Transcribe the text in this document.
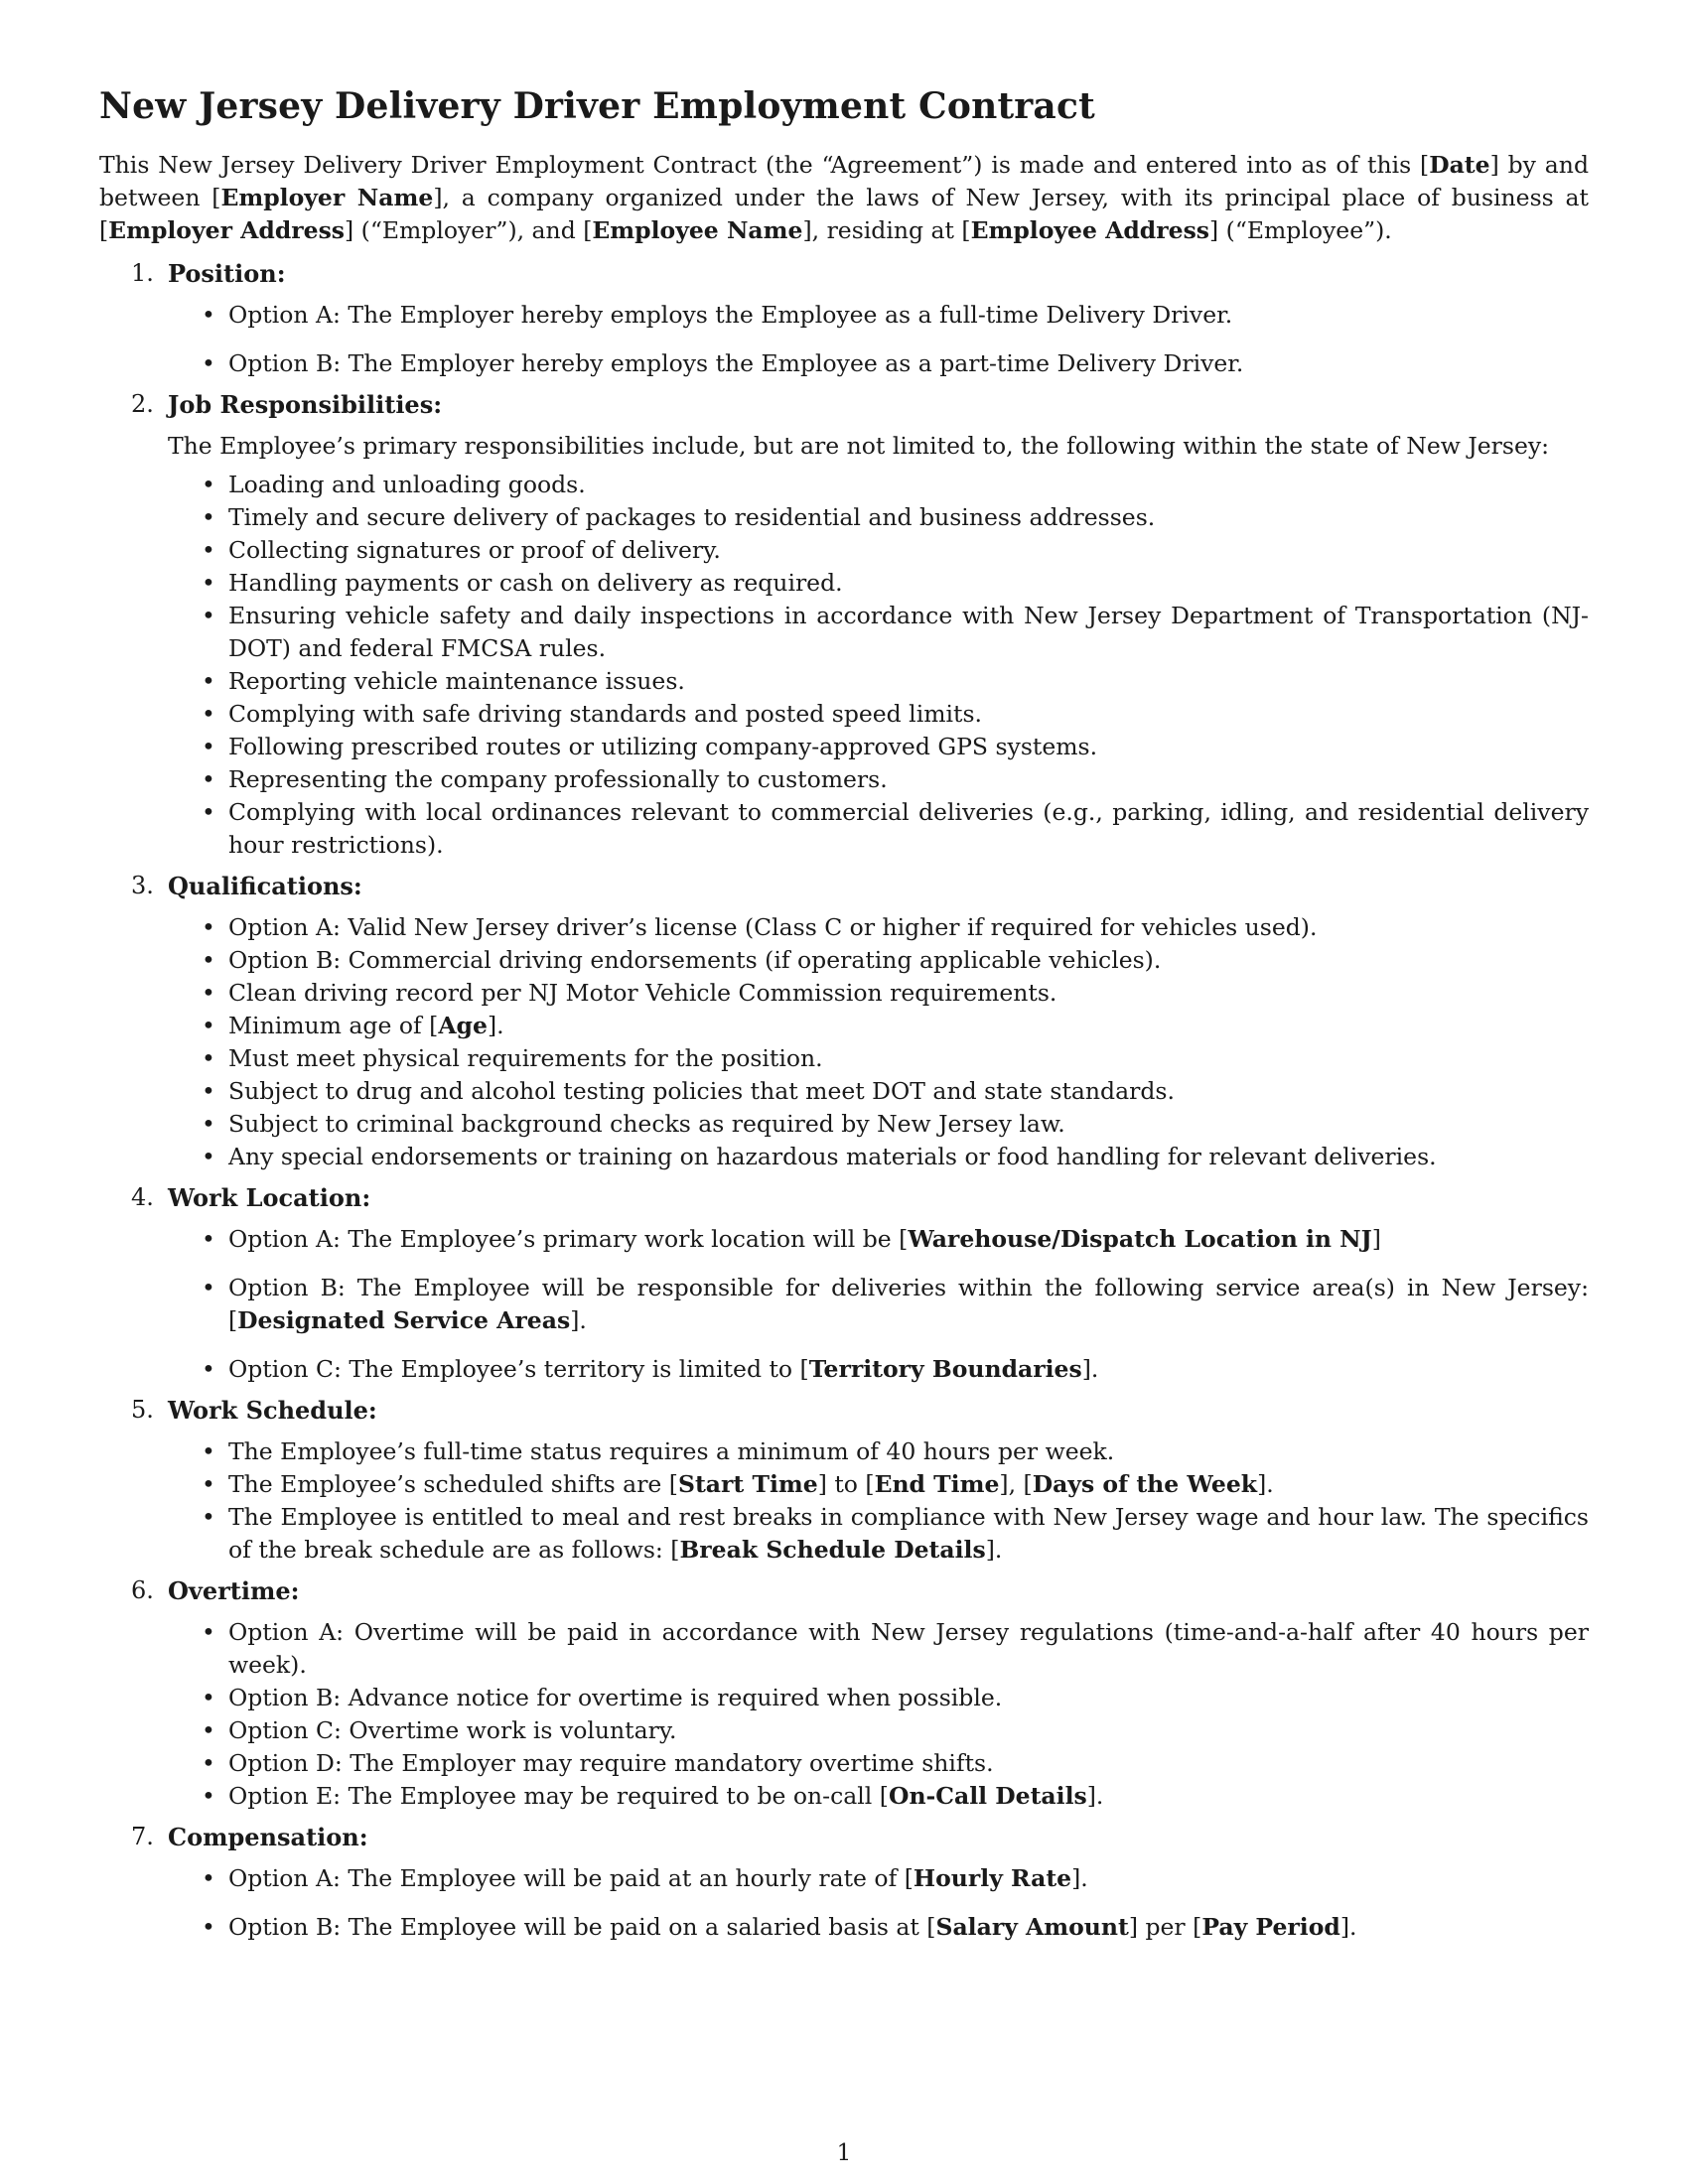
New Jersey Delivery Driver Employment Contract

This New Jersey Delivery Driver Employment Contract (the “Agreement”) is made and entered into as of this [Date] by and between [Employer Name], a company organized under the laws of New Jersey, with its principal place of business at [Employer Address] (“Employer”), and [Employee Name], residing at [Employee Address] (“Employee”).

1. Position:
• Option A: The Employer hereby employs the Employee as a full-time Delivery Driver.
• Option B: The Employer hereby employs the Employee as a part-time Delivery Driver.
2. Job Responsibilities:

The Employee’s primary responsibilities include, but are not limited to, the following within the state of New Jersey:

• Loading and unloading goods.
• Timely and secure delivery of packages to residential and business addresses.
• Collecting signatures or proof of delivery.
• Handling payments or cash on delivery as required.
• Ensuring vehicle safety and daily inspections in accordance with New Jersey Department of Transportation (NJ-DOT) and federal FMCSA rules.
• Reporting vehicle maintenance issues.
• Complying with safe driving standards and posted speed limits.
• Following prescribed routes or utilizing company-approved GPS systems.
• Representing the company professionally to customers.
• Complying with local ordinances relevant to commercial deliveries (e.g., parking, idling, and residential delivery hour restrictions).
3. Qualifications:
• Option A: Valid New Jersey driver’s license (Class C or higher if required for vehicles used).
• Option B: Commercial driving endorsements (if operating applicable vehicles).
• Clean driving record per NJ Motor Vehicle Commission requirements.
• Minimum age of [Age].
• Must meet physical requirements for the position.
• Subject to drug and alcohol testing policies that meet DOT and state standards.
• Subject to criminal background checks as required by New Jersey law.
• Any special endorsements or training on hazardous materials or food handling for relevant deliveries.
4. Work Location:
• Option A: The Employee’s primary work location will be [Warehouse/Dispatch Location in NJ]
• Option B: The Employee will be responsible for deliveries within the following service area(s) in New Jersey: [Designated Service Areas].
• Option C: The Employee’s territory is limited to [Territory Boundaries].
5. Work Schedule:
• The Employee’s full-time status requires a minimum of 40 hours per week.
• The Employee’s scheduled shifts are [Start Time] to [End Time], [Days of the Week].
• The Employee is entitled to meal and rest breaks in compliance with New Jersey wage and hour law. The specifics of the break schedule are as follows: [Break Schedule Details].
6. Overtime:
• Option A: Overtime will be paid in accordance with New Jersey regulations (time-and-a-half after 40 hours per week).
• Option B: Advance notice for overtime is required when possible.
• Option C: Overtime work is voluntary.
• Option D: The Employer may require mandatory overtime shifts.
• Option E: The Employee may be required to be on-call [On-Call Details].
7. Compensation:
• Option A: The Employee will be paid at an hourly rate of [Hourly Rate].
• Option B: The Employee will be paid on a salaried basis at [Salary Amount] per [Pay Period].
1
